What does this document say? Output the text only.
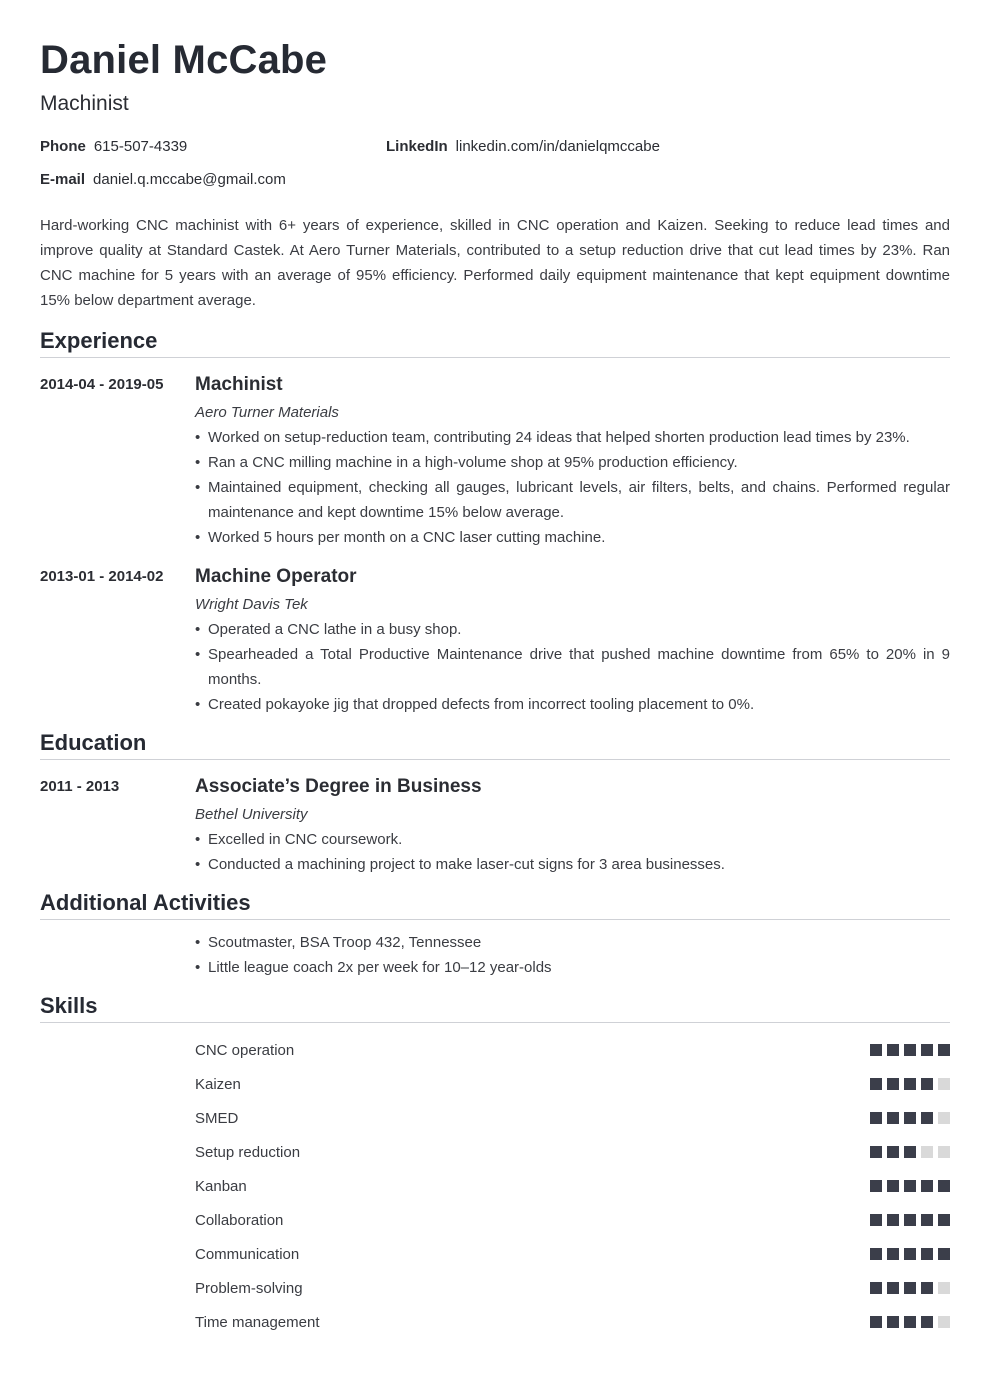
Daniel McCabe
Machinist
Phone 615-507-4339	LinkedIn linkedin.com/in/danielqmccabe
E-mail daniel.q.mccabe@gmail.com

Hard-working CNC machinist with 6+ years of experience, skilled in CNC operation and Kaizen. Seeking to reduce lead times and improve quality at Standard Castek. At Aero Turner Materials, contributed to a setup reduction drive that cut lead times by 23%. Ran CNC machine for 5 years with an average of 95% efficiency. Performed daily equipment maintenance that kept equipment downtime 15% below department average.

Experience
2014-04 - 2019-05	Machinist
Aero Turner Materials
• Worked on setup-reduction team, contributing 24 ideas that helped shorten production lead times by 23%.
• Ran a CNC milling machine in a high-volume shop at 95% production efficiency.
• Maintained equipment, checking all gauges, lubricant levels, air filters, belts, and chains. Performed regular maintenance and kept downtime 15% below average.
• Worked 5 hours per month on a CNC laser cutting machine.
2013-01 - 2014-02	Machine Operator
Wright Davis Tek
• Operated a CNC lathe in a busy shop.
• Spearheaded a Total Productive Maintenance drive that pushed machine downtime from 65% to 20% in 9 months.
• Created pokayoke jig that dropped defects from incorrect tooling placement to 0%.
Education
2011 - 2013	Associate’s Degree in Business
Bethel University
• Excelled in CNC coursework.
• Conducted a machining project to make laser-cut signs for 3 area businesses.
Additional Activities
• Scoutmaster, BSA Troop 432, Tennessee
• Little league coach 2x per week for 10–12 year-olds
Skills
CNC operation
Kaizen
SMED
Setup reduction
Kanban
Collaboration
Communication
Problem-solving
Time management
